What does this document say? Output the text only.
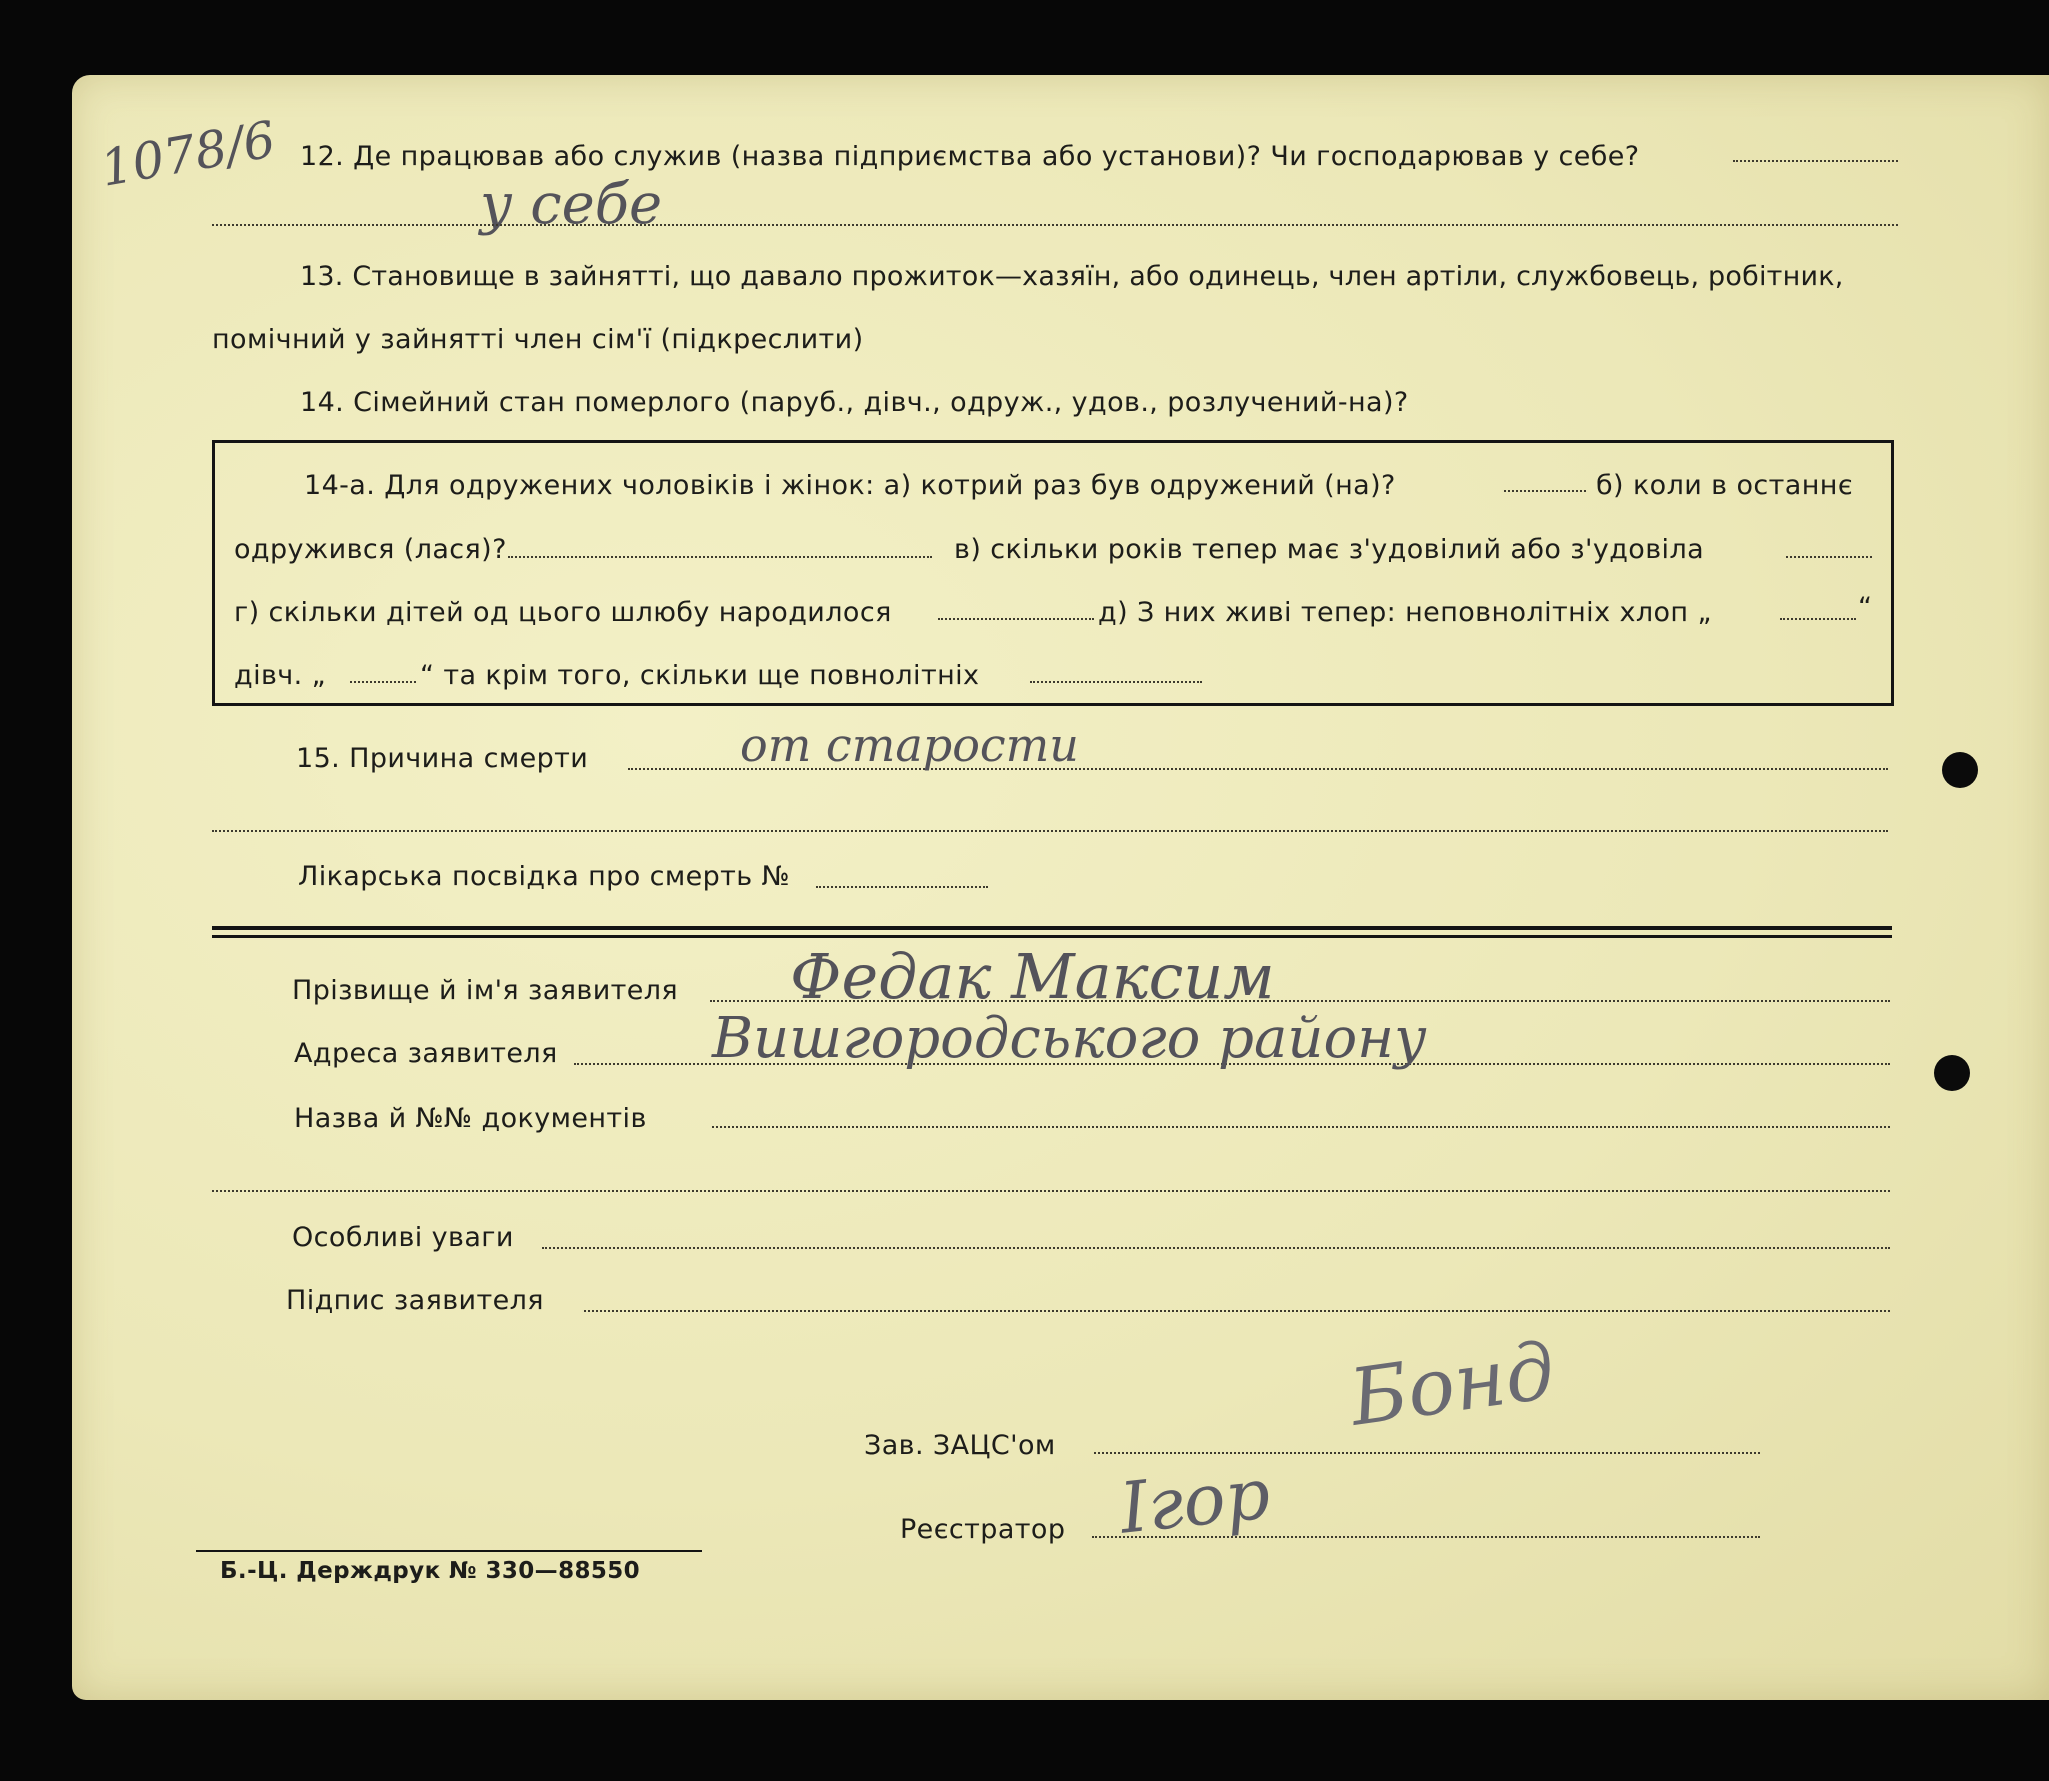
1078/6 12. Де працював або служив (назва підприємства або установи)? Чи господарював у себе?
у себе
13. Становище в зайнятті, що давало прожиток—хазяїн, або одинець, член артіли, службовець, робітник,
помічний у зайнятті член сім'ї (підкреслити)
14. Сімейний стан померлого (паруб., дівч., одруж., удов., розлучений-на)?
14-а. Для одружених чоловіків і жінок: а) котрий раз був одружений (на)?	б) коли в останнє
одружився (лася)?	в) скільки років тепер має з'удовілий або з'удовіла
г) скільки дітей од цього шлюбу народилося	д) З них живі тепер: неповнолітніх хлоп „	“
дівч. „	“ та крім того, скільки ще повнолітніх
15. Причина смерти	от старости
Лікарська посвідка про смерть №
Прізвище й ім'я заявителя Федак Максим
Адреса заявителя	Вишгородського району
Назва й №№ документів
Особливі уваги
Підпис заявителя
Зав. ЗАЦС'ом
Бонд
Реєстратор Ігор
Б.-Ц. Держдрук № 330—88550
